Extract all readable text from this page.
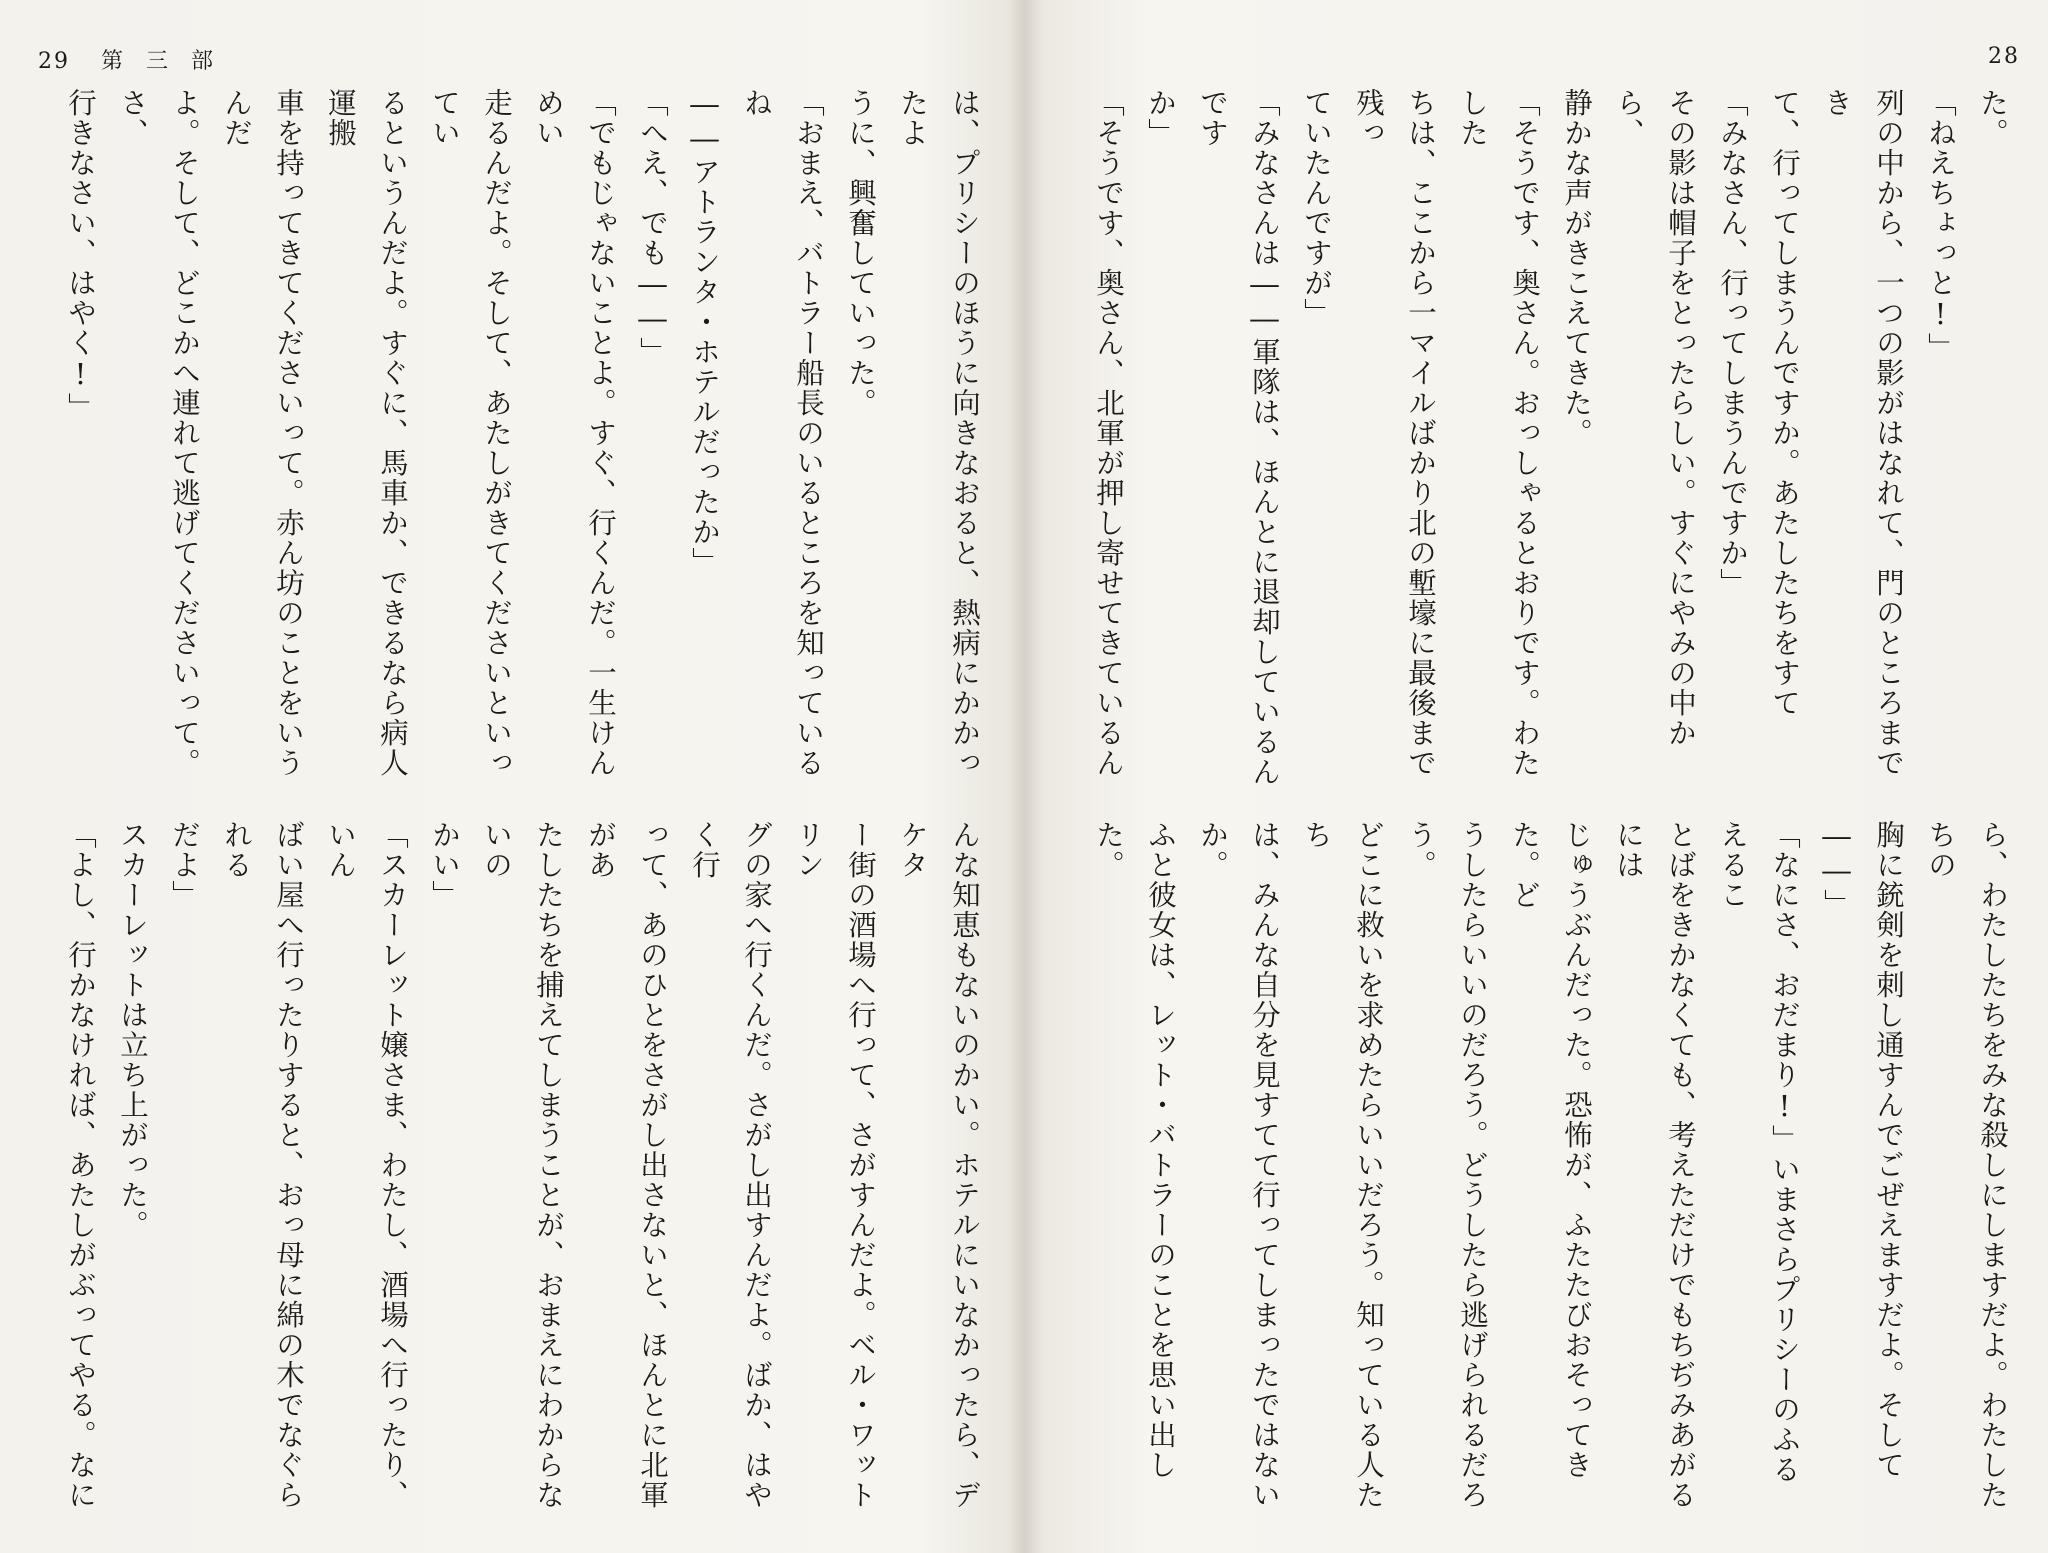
29 第 三 部

は、プリシーのほうに向きなおると、熱病にかかったよ

うに、興奮していった。

「おまえ、バトラー船長のいるところを知っているね

――アトランタ・ホテルだったか」

「へえ、でも――」

「でもじゃないことよ。すぐ、行くんだ。一生けんめい

走るんだよ。そして、あたしがきてくださいといってい

るというんだよ。すぐに、馬車か、できるなら病人運搬

車を持ってきてくださいって。赤ん坊のことをいうんだ

よ。そして、どこかへ連れて逃げてくださいって。さ、

行きなさい、はやく!」

んな知恵もないのかい。ホテルにいなかったら、デケタ

ー街の酒場へ行って、さがすんだよ。ベル・ワットリン

グの家へ行くんだ。さがし出すんだよ。ばか、はやく行

って、あのひとをさがし出さないと、ほんとに北軍があ

たしたちを捕えてしまうことが、おまえにわからないの

かい」

「スカーレット嬢さま、わたし、酒場へ行ったり、いん

ばい屋へ行ったりすると、おっ母に綿の木でなぐられる

だよ」

スカーレットは立ち上がった。

「よし、行かなければ、あたしがぶってやる。なに

28

た。

「ねえちょっと!」

列の中から、一つの影がはなれて、門のところまでき

て、行ってしまうんですか。あたしたちをすて

「みなさん、行ってしまうんですか」

その影は帽子をとったらしい。すぐにやみの中から、

静かな声がきこえてきた。

「そうです、奥さん。おっしゃるとおりです。わたした

ちは、ここから一マイルばかり北の塹壕に最後まで残っ

ていたんですが」

「みなさんは――軍隊は、ほんとに退却しているんです

か」

「そうです、奥さん、北軍が押し寄せてきているん

ら、わたしたちをみな殺しにしますだよ。わたしたちの

胸に銃剣を刺し通すんでごぜえますだよ。そして――」

「なにさ、おだまり!」いまさらプリシーのふるえるこ

とばをきかなくても、考えただけでもちぢみあがるには

じゅうぶんだった。恐怖が、ふたたびおそってきた。ど

うしたらいいのだろう。どうしたら逃げられるだろう。

どこに救いを求めたらいいだろう。知っている人たち

は、みんな自分を見すてて行ってしまったではないか。

ふと彼女は、レット・バトラーのことを思い出した。
